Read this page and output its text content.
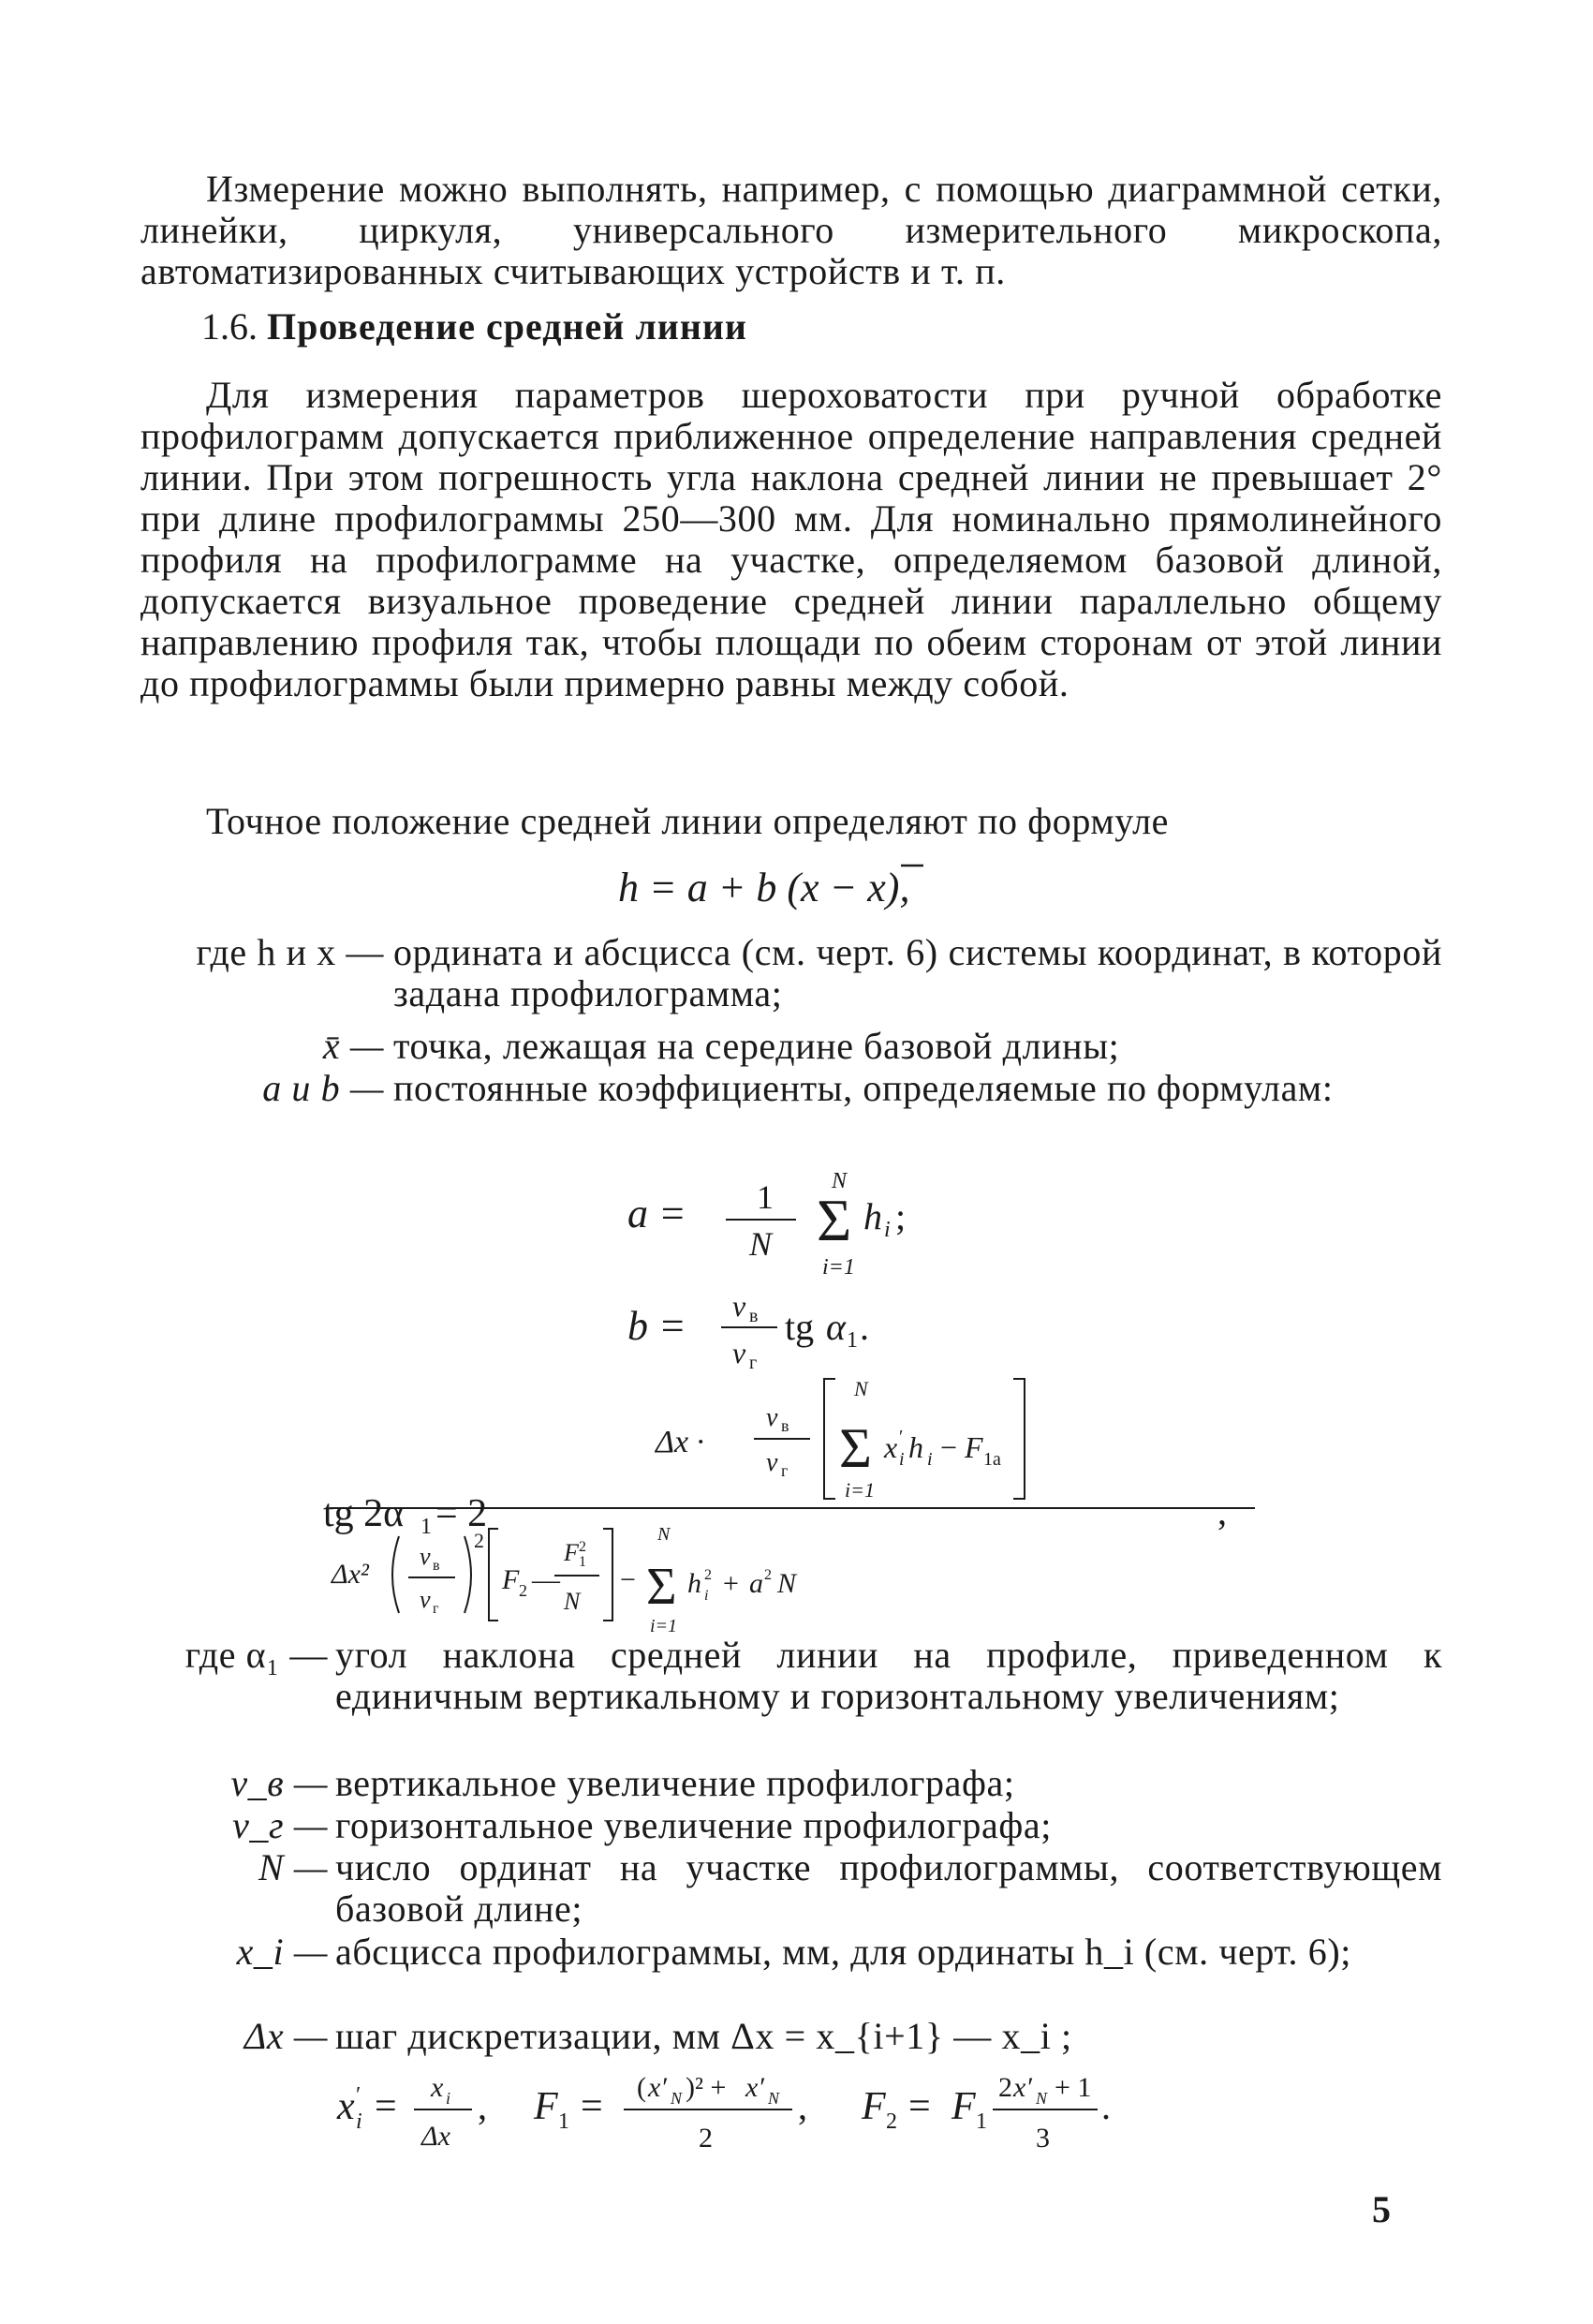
Измерение можно выполнять, например, с помощью диаграммной сетки, линейки, циркуля, универсального измерительного микроскопа, автоматизированных считывающих устройств и т. п.
1.6. Проведение средней линии
Для измерения параметров шероховатости при ручной обработке профилограмм допускается приближенное определение направления средней линии. При этом погрешность угла наклона средней линии не превышает 2° при длине профилограммы 250—300 мм. Для номинально прямолинейного профиля на профилограмме на участке, определяемом базовой длиной, допускается визуальное проведение средней линии параллельно общему направлению профиля так, чтобы площади по обеим сторонам от этой линии до профилограммы были примерно равны между собой.
Точное положение средней линии определяют по формуле
h = a + b (x − x),
где h и x — ордината и абсцисса (см. черт. 6) системы координат, в которой задана профилограмма;
x̄ — точка, лежащая на середине базовой длины;
a и b — постоянные коэффициенты, определяемые по формулам:
a = 1
N Σ
N
i=1
h i ;
b = v в
v г
tg α 1 .
Δx ·
v в
v г Σ
N
i=1
x ′
i h i − F 1a
Δx²
v в
v г
2
F 2 —
F 2
1
N
− Σ
N
i=1
h 2
i + a 2 N
tg 2α 1 = 2	,
где α₁ — угол наклона средней линии на профиле, приведенном к единичным вертикальному и горизонтальному увеличениям;
v_в — вертикальное увеличение профилографа;
v_г — горизонтальное увеличение профилографа;
N — число ординат на участке профилограммы, соответствующем базовой длине;
x_i — абсцисса профилограммы, мм, для ординаты h_i (см. черт. 6);
Δx — шаг дискретизации, мм Δx = x_{i+1} — x_i ;
x ′
i = x i
Δx
, F 1 = ( x′ N )² + x′ N
2
, F 2 = F 1
2 x′ N + 1
3
.
5
